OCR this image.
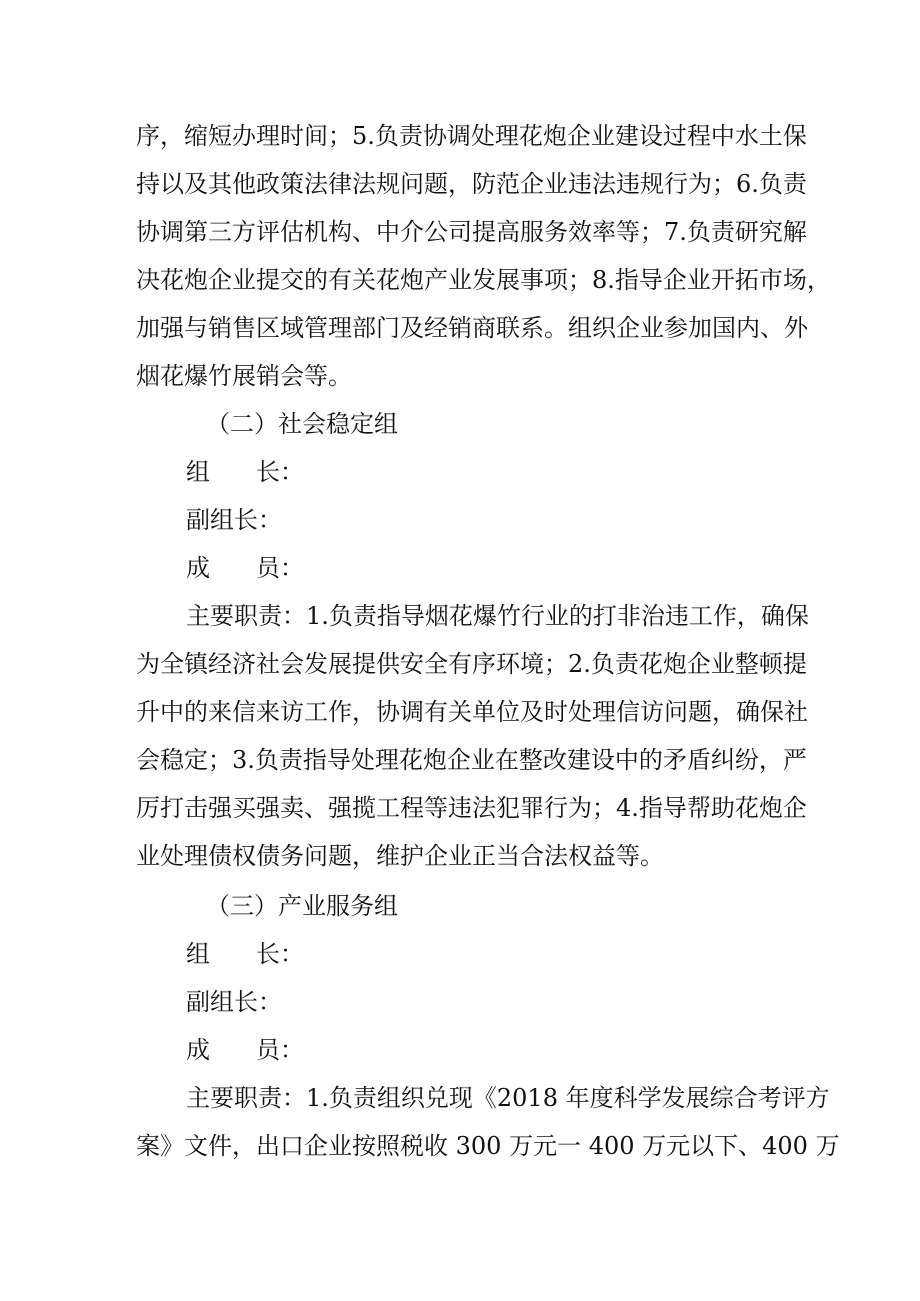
序，缩短办理时间；5.负责协调处理花炮企业建设过程中水土保

持以及其他政策法律法规问题，防范企业违法违规行为；6.负责

协调第三方评估机构、中介公司提高服务效率等；7.负责研究解

决花炮企业提交的有关花炮产业发展事项；8.指导企业开拓市场，

加强与销售区域管理部门及经销商联系。组织企业参加国内、外

烟花爆竹展销会等。

（二）社会稳定组

组 长：

副组长：

成 员：

主要职责：1.负责指导烟花爆竹行业的打非治违工作，确保

为全镇经济社会发展提供安全有序环境；2.负责花炮企业整顿提

升中的来信来访工作，协调有关单位及时处理信访问题，确保社

会稳定；3.负责指导处理花炮企业在整改建设中的矛盾纠纷，严

厉打击强买强卖、强揽工程等违法犯罪行为；4.指导帮助花炮企

业处理债权债务问题，维护企业正当合法权益等。

（三）产业服务组

组 长：

副组长：

成 员：

主要职责：1.负责组织兑现《2018 年度科学发展综合考评方

案》文件，出口企业按照税收 300 万元一 400 万元以下、400 万
